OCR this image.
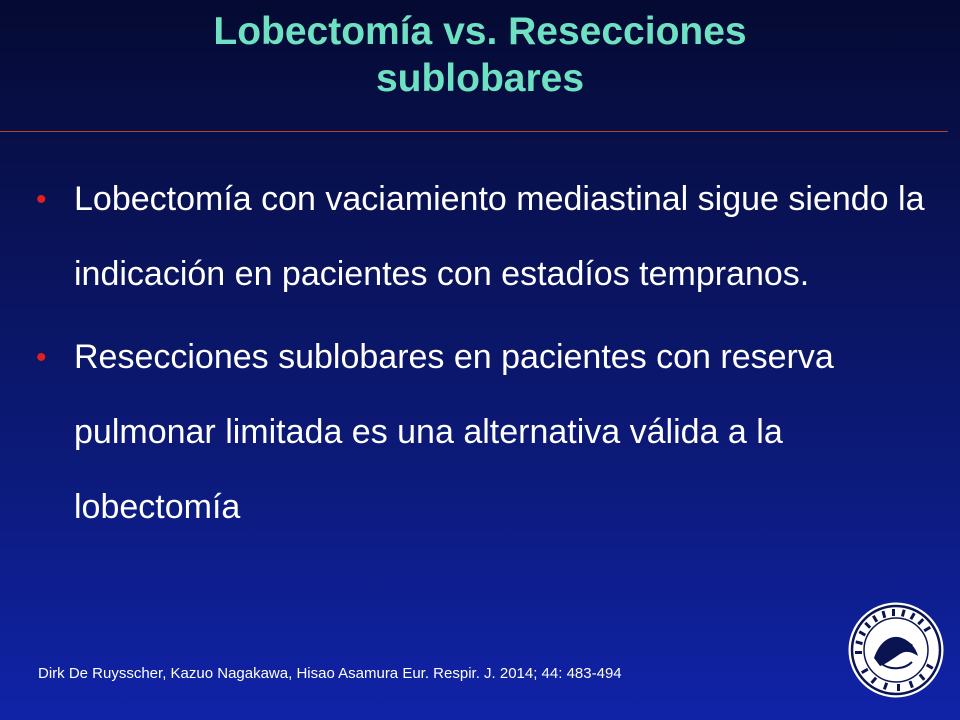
Lobectomía vs. Resecciones
sublobares
• Lobectomía con vaciamiento mediastinal sigue siendo la indicación en pacientes con estadíos tempranos.
• Resecciones sublobares en pacientes con reserva pulmonar limitada es una alternativa válida a la lobectomía
Dirk De Ruysscher, Kazuo Nagakawa, Hisao Asamura Eur. Respir. J. 2014; 44: 483-494
